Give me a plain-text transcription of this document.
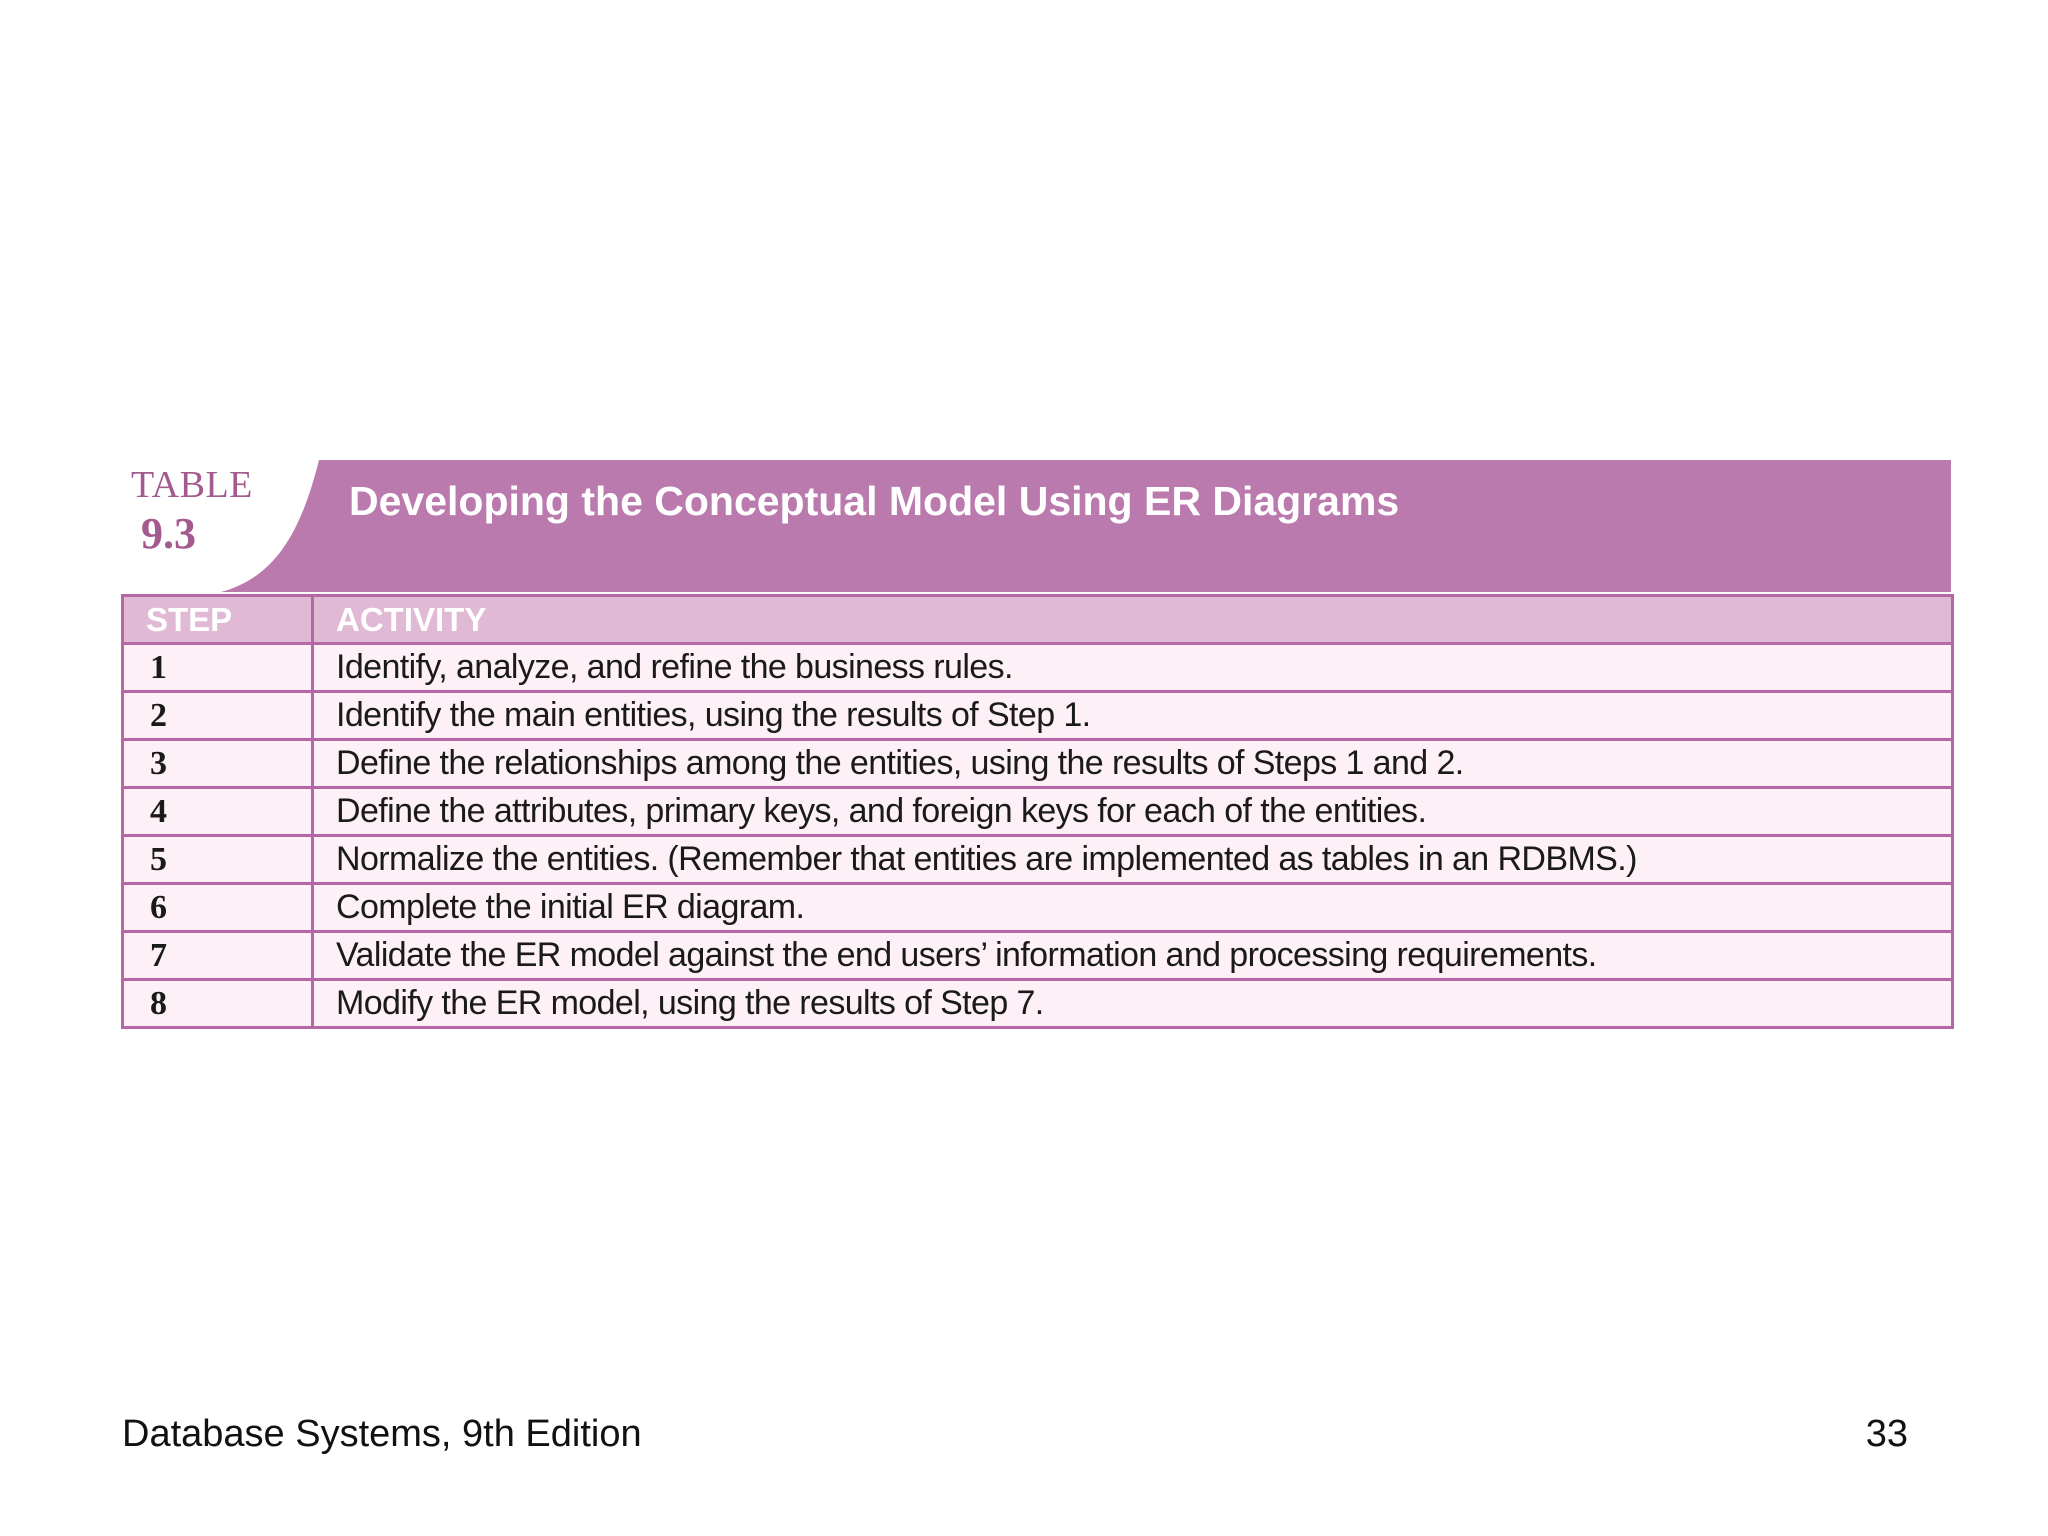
TABLE
9.3
Developing the Conceptual Model Using ER Diagrams
STEP	ACTIVITY
1	Identify, analyze, and refine the business rules.
2	Identify the main entities, using the results of Step 1.
3	Define the relationships among the entities, using the results of Steps 1 and 2.
4	Define the attributes, primary keys, and foreign keys for each of the entities.
5	Normalize the entities. (Remember that entities are implemented as tables in an RDBMS.)
6	Complete the initial ER diagram.
7	Validate the ER model against the end users’ information and processing requirements.
8	Modify the ER model, using the results of Step 7.
Database Systems, 9th Edition	33
